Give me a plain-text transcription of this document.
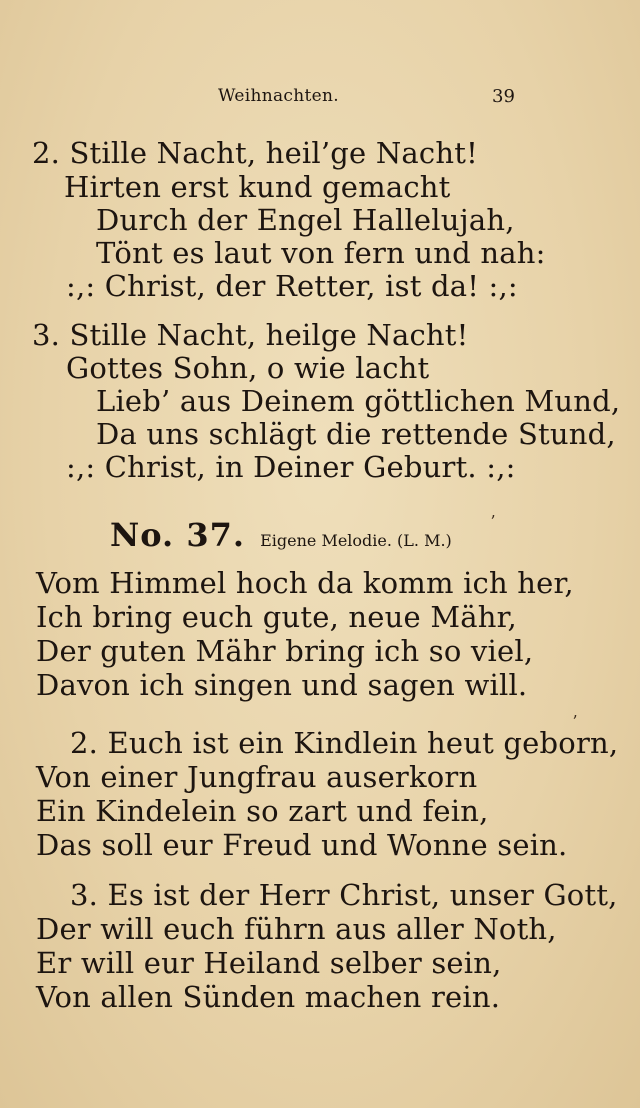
Weihnachten.	39
2. Stille Nacht, heil’ge Nacht!
Hirten erst kund gemacht
Durch der Engel Hallelujah,
Tönt es laut von fern und nah:
:,: Christ, der Retter, ist da! :,:
3. Stille Nacht, heilge Nacht!
Gottes Sohn, o wie lacht
Lieb’ aus Deinem göttlichen Mund,
Da uns schlägt die rettende Stund,
:,: Christ, in Deiner Geburt. :,:
No. 37. Eigene Melodie. (L. M.)
ʼ
Vom Himmel hoch da komm ich her,
Ich bring euch gute, neue Mähr,
Der guten Mähr bring ich so viel,
Davon ich singen und sagen will.
ʼ
2. Euch ist ein Kindlein heut geborn,
Von einer Jungfrau auserkorn
Ein Kindelein so zart und fein,
Das soll eur Freud und Wonne sein.
3. Es ist der Herr Christ, unser Gott,
Der will euch führn aus aller Noth,
Er will eur Heiland selber sein,
Von allen Sünden machen rein.
